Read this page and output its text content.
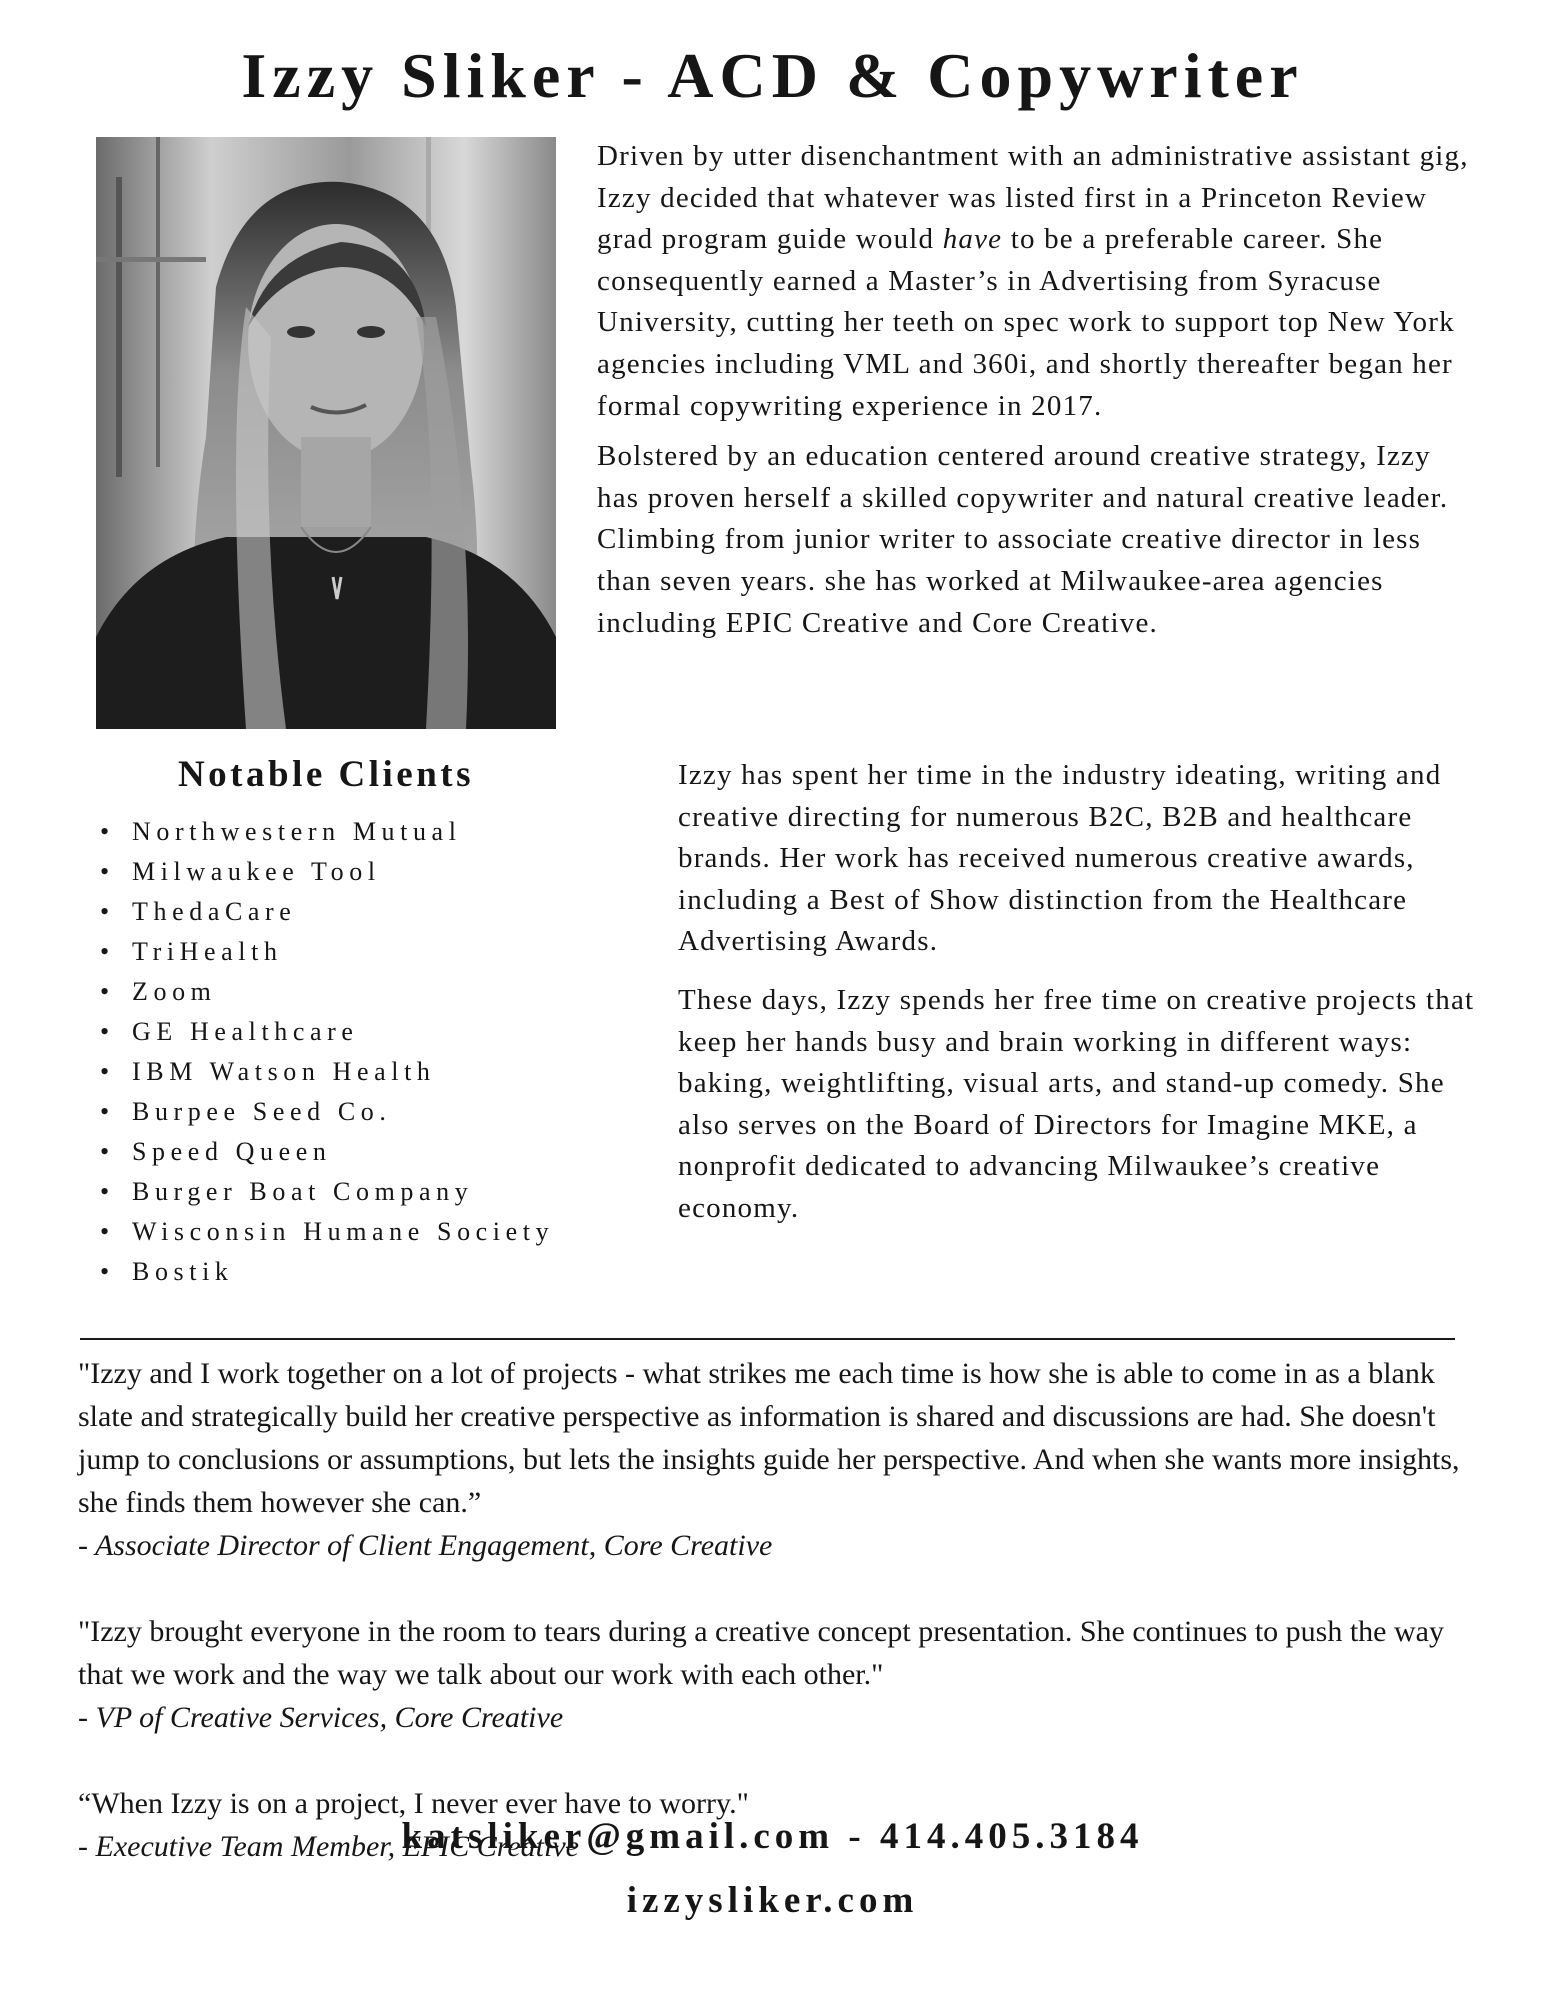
Izzy Sliker - ACD & Copywriter

Driven by utter disenchantment with an administrative assistant gig, Izzy decided that whatever was listed first in a Princeton Review grad program guide would have to be a preferable career. She consequently earned a Master’s in Advertising from Syracuse University, cutting her teeth on spec work to support top New York agencies including VML and 360i, and shortly thereafter began her formal copywriting experience in 2017.

Bolstered by an education centered around creative strategy, Izzy has proven herself a skilled copywriter and natural creative leader. Climbing from junior writer to associate creative director in less than seven years. she has worked at Milwaukee-area agencies including EPIC Creative and Core Creative.

Notable Clients
• Northwestern Mutual
• Milwaukee Tool
• ThedaCare
• TriHealth
• Zoom
• GE Healthcare
• IBM Watson Health
• Burpee Seed Co.
• Speed Queen
• Burger Boat Company
• Wisconsin Humane Society
• Bostik

Izzy has spent her time in the industry ideating, writing and creative directing for numerous B2C, B2B and healthcare brands. Her work has received numerous creative awards, including a Best of Show distinction from the Healthcare Advertising Awards.

These days, Izzy spends her free time on creative projects that keep her hands busy and brain working in different ways: baking, weightlifting, visual arts, and stand-up comedy. She also serves on the Board of Directors for Imagine MKE, a nonprofit dedicated to advancing Milwaukee’s creative economy.

"Izzy and I work together on a lot of projects - what strikes me each time is how she is able to come in as a blank slate and strategically build her creative perspective as information is shared and discussions are had. She doesn't jump to conclusions or assumptions, but lets the insights guide her perspective. And when she wants more insights, she finds them however she can.”
- Associate Director of Client Engagement, Core Creative
"Izzy brought everyone in the room to tears during a creative concept presentation. She continues to push the way that we work and the way we talk about our work with each other."
- VP of Creative Services, Core Creative
“When Izzy is on a project, I never ever have to worry."
- Executive Team Member, EPIC Creative
katsliker@gmail.com - 414.405.3184
izzysliker.com
